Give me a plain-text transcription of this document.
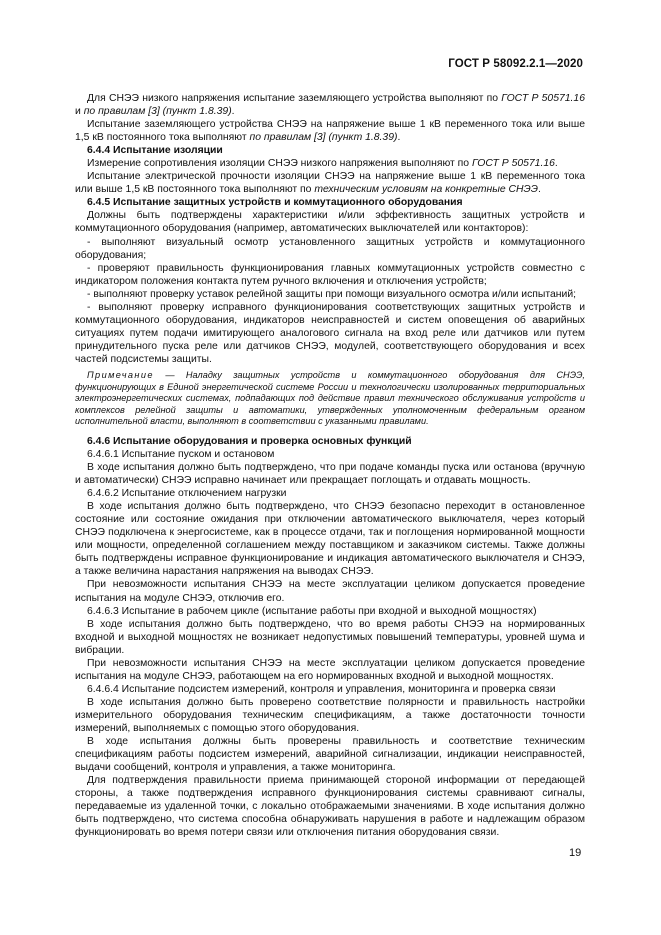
ГОСТ Р 58092.2.1—2020

Для СНЭЭ низкого напряжения испытание заземляющего устройства выполняют по ГОСТ Р 50571.16 и по правилам [3] (пункт 1.8.39).

Испытание заземляющего устройства СНЭЭ на напряжение выше 1 кВ переменного тока или выше 1,5 кВ постоянного тока выполняют по правилам [3] (пункт 1.8.39).

6.4.4 Испытание изоляции

Измерение сопротивления изоляции СНЭЭ низкого напряжения выполняют по ГОСТ Р 50571.16.

Испытание электрической прочности изоляции СНЭЭ на напряжение выше 1 кВ переменного тока или выше 1,5 кВ постоянного тока выполняют по техническим условиям на конкретные СНЭЭ.

6.4.5 Испытание защитных устройств и коммутационного оборудования

Должны быть подтверждены характеристики и/или эффективность защитных устройств и коммутационного оборудования (например, автоматических выключателей или контакторов):

- выполняют визуальный осмотр установленного защитных устройств и коммутационного оборудования;

- проверяют правильность функционирования главных коммутационных устройств совместно с индикатором положения контакта путем ручного включения и отключения устройств;

- выполняют проверку уставок релейной защиты при помощи визуального осмотра и/или испытаний;

- выполняют проверку исправного функционирования соответствующих защитных устройств и коммутационного оборудования, индикаторов неисправностей и систем оповещения об аварийных ситуациях путем подачи имитирующего аналогового сигнала на вход реле или датчиков или путем принудительного пуска реле или датчиков СНЭЭ, модулей, соответствующего оборудования и всех частей подсистемы защиты.

Примечание — Наладку защитных устройств и коммутационного оборудования для СНЭЭ, функционирующих в Единой энергетической системе России и технологически изолированных территориальных электроэнергетических системах, подпадающих под действие правил технического обслуживания устройств и комплексов релейной защиты и автоматики, утвержденных уполномоченным федеральным органом исполнительной власти, выполняют в соответствии с указанными правилами.

6.4.6 Испытание оборудования и проверка основных функций

6.4.6.1 Испытание пуском и остановом

В ходе испытания должно быть подтверждено, что при подаче команды пуска или останова (вручную и автоматически) СНЭЭ исправно начинает или прекращает поглощать и отдавать мощность.

6.4.6.2 Испытание отключением нагрузки

В ходе испытания должно быть подтверждено, что СНЭЭ безопасно переходит в остановленное состояние или состояние ожидания при отключении автоматического выключателя, через который СНЭЭ подключена к энергосистеме, как в процессе отдачи, так и поглощения нормированной мощности или мощности, определенной соглашением между поставщиком и заказчиком системы. Также должны быть подтверждены исправное функционирование и индикация автоматического выключателя и СНЭЭ, а также величина нарастания напряжения на выводах СНЭЭ.

При невозможности испытания СНЭЭ на месте эксплуатации целиком допускается проведение испытания на модуле СНЭЭ, отключив его.

6.4.6.3 Испытание в рабочем цикле (испытание работы при входной и выходной мощностях)

В ходе испытания должно быть подтверждено, что во время работы СНЭЭ на нормированных входной и выходной мощностях не возникает недопустимых повышений температуры, уровней шума и вибрации.

При невозможности испытания СНЭЭ на месте эксплуатации целиком допускается проведение испытания на модуле СНЭЭ, работающем на его нормированных входной и выходной мощностях.

6.4.6.4 Испытание подсистем измерений, контроля и управления, мониторинга и проверка связи

В ходе испытания должно быть проверено соответствие полярности и правильность настройки измерительного оборудования техническим спецификациям, а также достаточности точности измерений, выполняемых с помощью этого оборудования.

В ходе испытания должны быть проверены правильность и соответствие техническим спецификациям работы подсистем измерений, аварийной сигнализации, индикации неисправностей, выдачи сообщений, контроля и управления, а также мониторинга.

Для подтверждения правильности приема принимающей стороной информации от передающей стороны, а также подтверждения исправного функционирования системы сравнивают сигналы, передаваемые из удаленной точки, с локально отображаемыми значениями. В ходе испытания должно быть подтверждено, что система способна обнаруживать нарушения в работе и надлежащим образом функционировать во время потери связи или отключения питания оборудования связи.

19
